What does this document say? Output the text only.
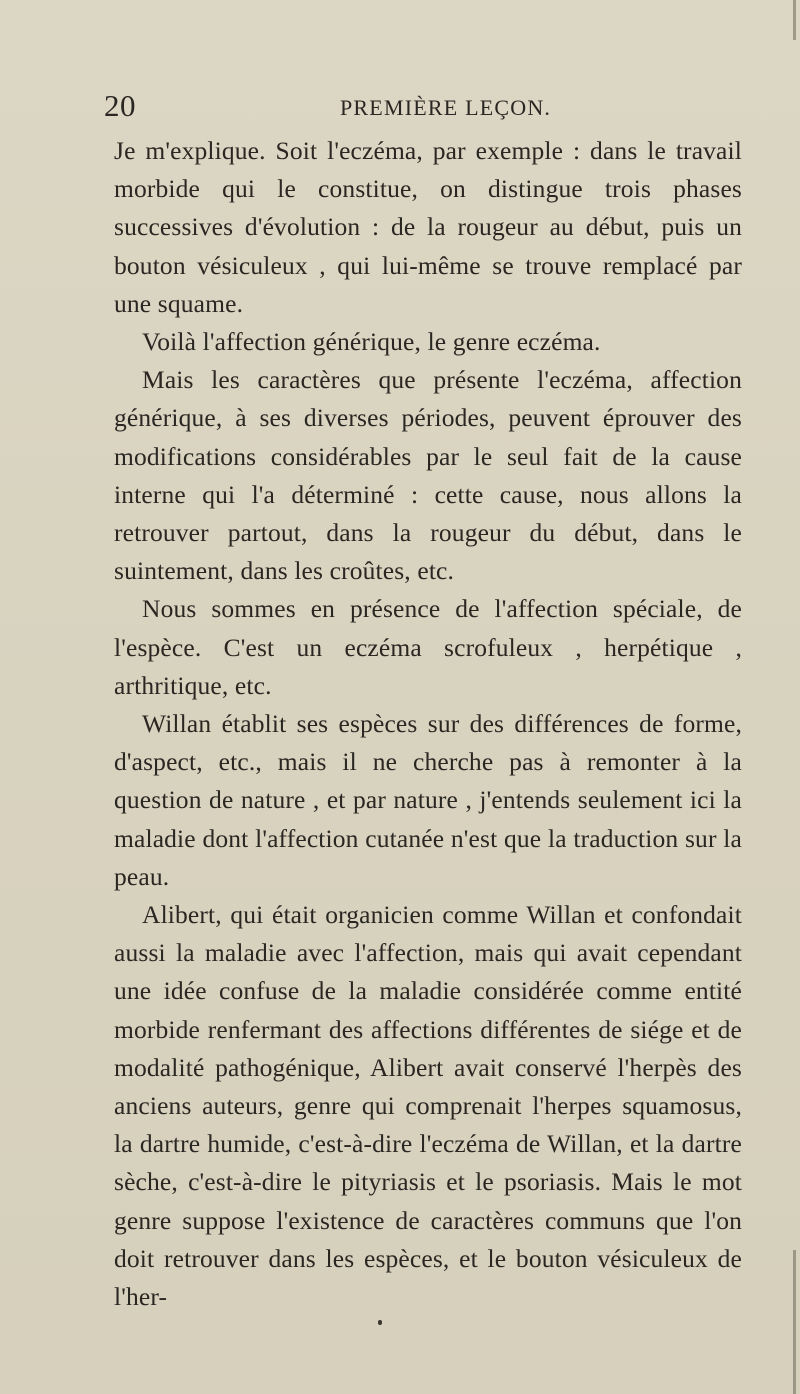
20	PREMIÈRE LEÇON.

Je m'explique. Soit l'eczéma, par exemple : dans le travail morbide qui le constitue, on distingue trois phases successives d'évolution : de la rougeur au début, puis un bouton vésiculeux , qui lui-même se trouve remplacé par une squame.

Voilà l'affection générique, le genre eczéma.

Mais les caractères que présente l'eczéma, affection générique, à ses diverses périodes, peuvent éprouver des modifications considérables par le seul fait de la cause interne qui l'a déterminé : cette cause, nous allons la retrouver partout, dans la rougeur du début, dans le suintement, dans les croûtes, etc.

Nous sommes en présence de l'affection spéciale, de l'espèce. C'est un eczéma scrofuleux , herpétique , arthritique, etc.

Willan établit ses espèces sur des différences de forme, d'aspect, etc., mais il ne cherche pas à remonter à la question de nature , et par nature , j'entends seulement ici la maladie dont l'affection cutanée n'est que la traduction sur la peau.

Alibert, qui était organicien comme Willan et confondait aussi la maladie avec l'affection, mais qui avait cependant une idée confuse de la maladie considérée comme entité morbide renfermant des affections différentes de siége et de modalité pathogénique, Alibert avait conservé l'herpès des anciens auteurs, genre qui comprenait l'herpes squamosus, la dartre humide, c'est-à-dire l'eczéma de Willan, et la dartre sèche, c'est-à-dire le pityriasis et le psoriasis. Mais le mot genre suppose l'existence de caractères communs que l'on doit retrouver dans les espèces, et le bouton vésiculeux de l'her-
